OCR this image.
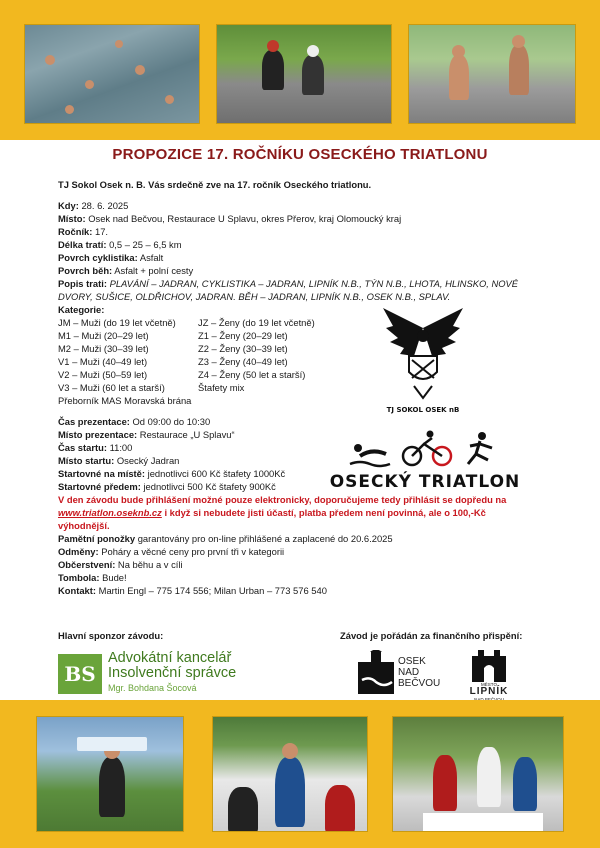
PROPOZICE 17. ROČNÍKU OSECKÉHO TRIATLONU
TJ Sokol Osek n. B. Vás srdečně zve na 17. ročník Oseckého triatlonu.
Kdy: 28. 6. 2025
Místo: Osek nad Bečvou, Restaurace U Splavu, okres Přerov, kraj Olomoucký kraj
Ročník: 17.
Délka tratí: 0,5 – 25 – 6,5 km
Povrch cyklistika: Asfalt
Povrch běh: Asfalt + polní cesty
Popis trati: PLAVÁNÍ – JADRAN, CYKLISTIKA – JADRAN, LIPNÍK N.B., TÝN N.B., LHOTA, HLINSKO, NOVÉ DVORY, SUŠICE, OLDŘICHOV, JADRAN. BĚH – JADRAN, LIPNÍK N.B., OSEK N.B., SPLAV.
Kategorie:
JM – Muži (do 19 let včetně)
M1 – Muži (20–29 let)
M2 – Muži (30–39 let)
V1 – Muži (40–49 let)
V2 – Muži (50–59 let)
V3 – Muži (60 let a starší)
JZ – Ženy (do 19 let včetně)
Z1 – Ženy (20–29 let)
Z2 – Ženy (30–39 let)
Z3 – Ženy (40–49 let)
Z4 – Ženy (50 let a starší)
Štafety mix
Přeborník MAS Moravská brána
Čas prezentace: Od 09:00 do 10:30
Místo prezentace: Restaurace „U Splavu“
Čas startu: 11:00
Místo startu: Osecký Jadran
Startovné na místě: jednotlivci 600 Kč štafety 1000Kč
Startovné předem: jednotlivci 500 Kč štafety 900Kč
V den závodu bude přihlášení možné pouze elektronicky, doporučujeme tedy přihlásit se dopředu na www.triatlon.oseknb.cz i když si nebudete jisti účastí, platba předem není povinná, ale o 100,-Kč výhodnější.
Pamětní ponožky garantovány pro on-line přihlášené a zaplacené do 20.6.2025
Odměny: Poháry a věcné ceny pro první tři v kategorii
Občerstvení: Na běhu a v cíli
Tombola: Bude!
Kontakt: Martin Engl – 775 174 556; Milan Urban – 773 576 540
TJ SOKOL OSEK nB
OSECKÝ TRIATLON
Hlavní sponzor závodu:	Závod je pořádán za finančního přispění:
BS
Advokátní kancelář
Insolvenční správce
Mgr. Bohdana Šocová
OSEK
NAD
BEČVOU	MĚSTO
LIPNÍK
